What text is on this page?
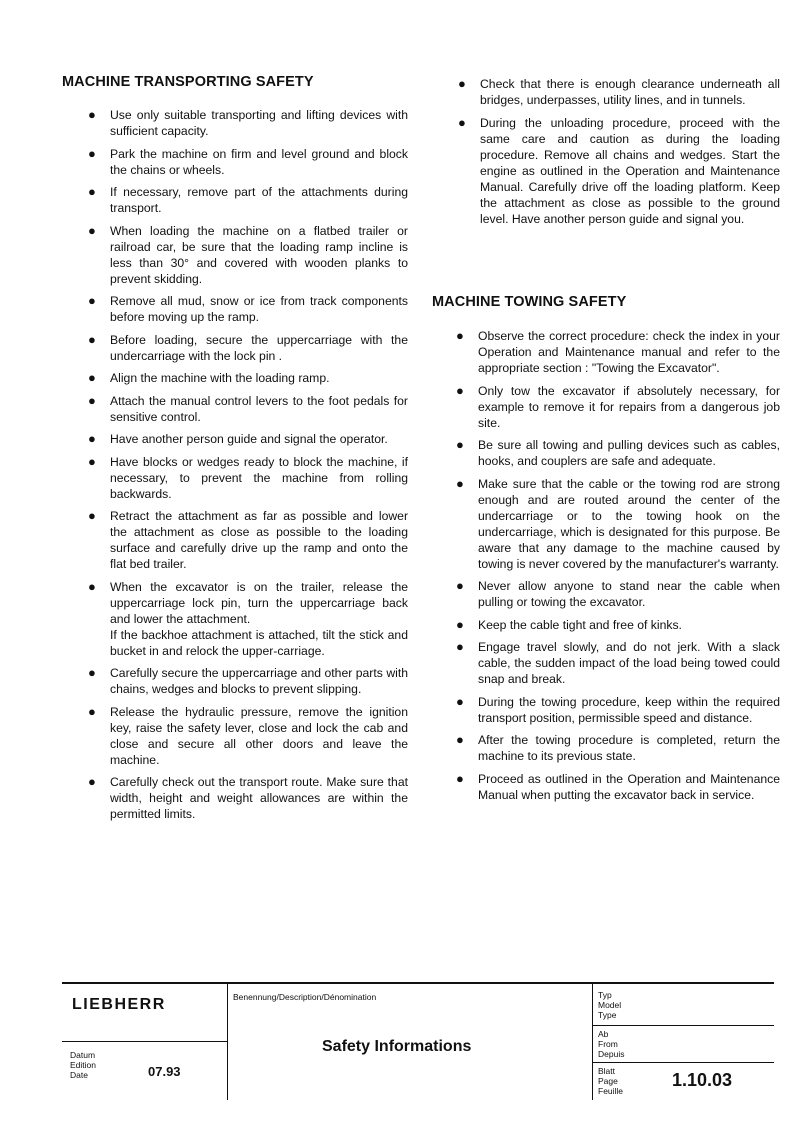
MACHINE TRANSPORTING SAFETY
● Use only suitable transporting and lifting devices with sufficient capacity.

● Park the machine on firm and level ground and block the chains or wheels.

● If necessary, remove part of the attachments during transport.

● When loading the machine on a flatbed trailer or railroad car, be sure that the loading ramp incline is less than 30° and covered with wooden planks to prevent skidding.

● Remove all mud, snow or ice from track components before moving up the ramp.

● Before loading, secure the uppercarriage with the undercarriage with the lock pin .

● Align the machine with the loading ramp.

● Attach the manual control levers to the foot pedals for sensitive control.

● Have another person guide and signal the operator.

● Have blocks or wedges ready to block the machine, if necessary, to prevent the machine from rolling backwards.

● Retract the attachment as far as possible and lower the attachment as close as possible to the loading surface and carefully drive up the ramp and onto the flat bed trailer.

● When the excavator is on the trailer, release the uppercarriage lock pin, turn the uppercarriage back and lower the attachment.

If the backhoe attachment is attached, tilt the stick and bucket in and relock the upper-carriage.

● Carefully secure the uppercarriage and other parts with chains, wedges and blocks to prevent slipping.

● Release the hydraulic pressure, remove the ignition key, raise the safety lever, close and lock the cab and close and secure all other doors and leave the machine.

● Carefully check out the transport route. Make sure that width, height and weight allowances are within the permitted limits.

● Check that there is enough clearance underneath all bridges, underpasses, utility lines, and in tunnels.

● During the unloading procedure, proceed with the same care and caution as during the loading procedure. Remove all chains and wedges. Start the engine as outlined in the Operation and Maintenance Manual. Carefully drive off the loading platform. Keep the attachment as close as possible to the ground level. Have another person guide and signal you.

MACHINE TOWING SAFETY
● Observe the correct procedure: check the index in your Operation and Maintenance manual and refer to the appropriate section : "Towing the Excavator".

● Only tow the excavator if absolutely necessary, for example to remove it for repairs from a dangerous job site.

● Be sure all towing and pulling devices such as cables, hooks, and couplers are safe and adequate.

● Make sure that the cable or the towing rod are strong enough and are routed around the center of the undercarriage or to the towing hook on the undercarriage, which is designated for this purpose. Be aware that any damage to the machine caused by towing is never covered by the manufacturer's warranty.

● Never allow anyone to stand near the cable when pulling or towing the excavator.

● Keep the cable tight and free of kinks.

● Engage travel slowly, and do not jerk. With a slack cable, the sudden impact of the load being towed could snap and break.

● During the towing procedure, keep within the required transport position, permissible speed and distance.

● After the towing procedure is completed, return the machine to its previous state.

● Proceed as outlined in the Operation and Maintenance Manual when putting the excavator back in service.

LIEBHERR
Datum
Edition
Date	07.93
Benennung/Description/Dénomination
Safety Informations
Typ
Model
Type
Ab
From
Depuis
Blatt
Page
Feuille
1.10.03
